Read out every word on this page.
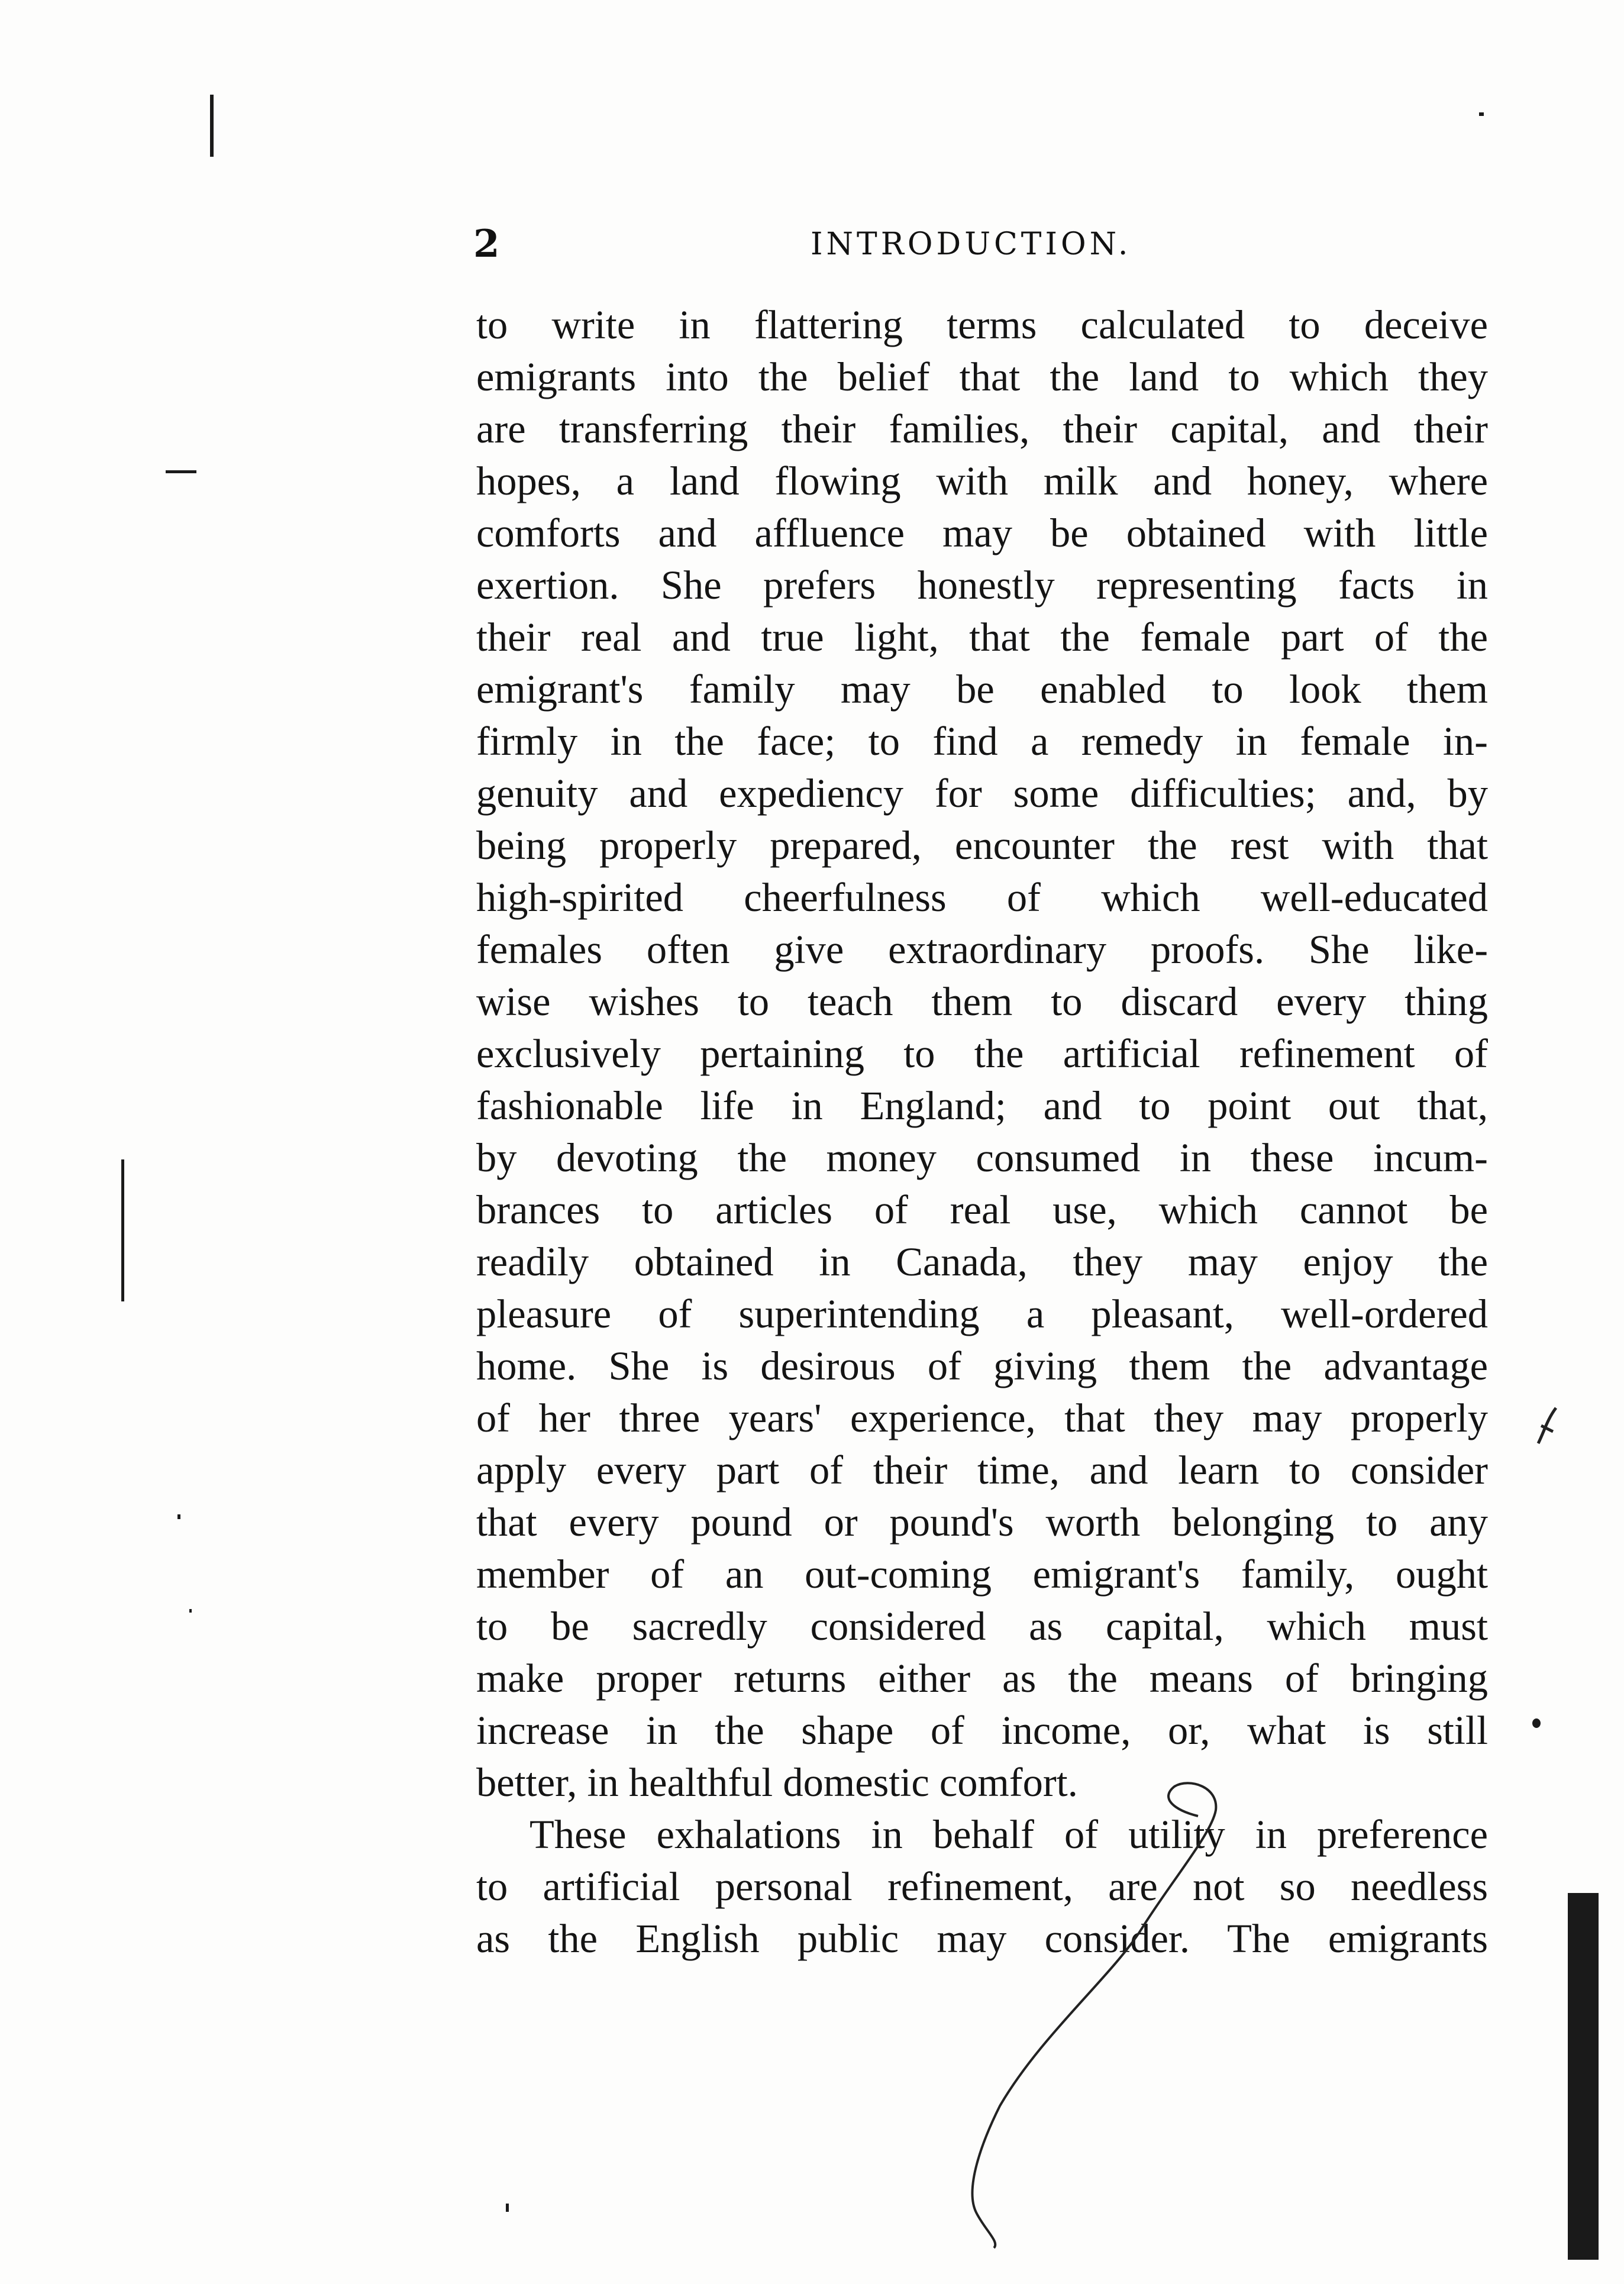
2	INTRODUCTION.
to write in flattering terms calculated to deceive
emigrants into the belief that the land to which they
are transferring their families, their capital, and their
hopes, a land flowing with milk and honey, where
comforts and affluence may be obtained with little
exertion. She prefers honestly representing facts in
their real and true light, that the female part of the
emigrant's family may be enabled to look them
firmly in the face; to find a remedy in female in-
genuity and expediency for some difficulties; and, by
being properly prepared, encounter the rest with that
high-spirited cheerfulness of which well-educated
females often give extraordinary proofs. She like-
wise wishes to teach them to discard every thing
exclusively pertaining to the artificial refinement of
fashionable life in England; and to point out that,
by devoting the money consumed in these incum-
brances to articles of real use, which cannot be
readily obtained in Canada, they may enjoy the
pleasure of superintending a pleasant, well-ordered
home. She is desirous of giving them the advantage
of her three years' experience, that they may properly
apply every part of their time, and learn to consider
that every pound or pound's worth belonging to any
member of an out-coming emigrant's family, ought
to be sacredly considered as capital, which must
make proper returns either as the means of bringing
increase in the shape of income, or, what is still
better, in healthful domestic comfort.
These exhalations in behalf of utility in preference
to artificial personal refinement, are not so needless
as the English public may consider. The emigrants
